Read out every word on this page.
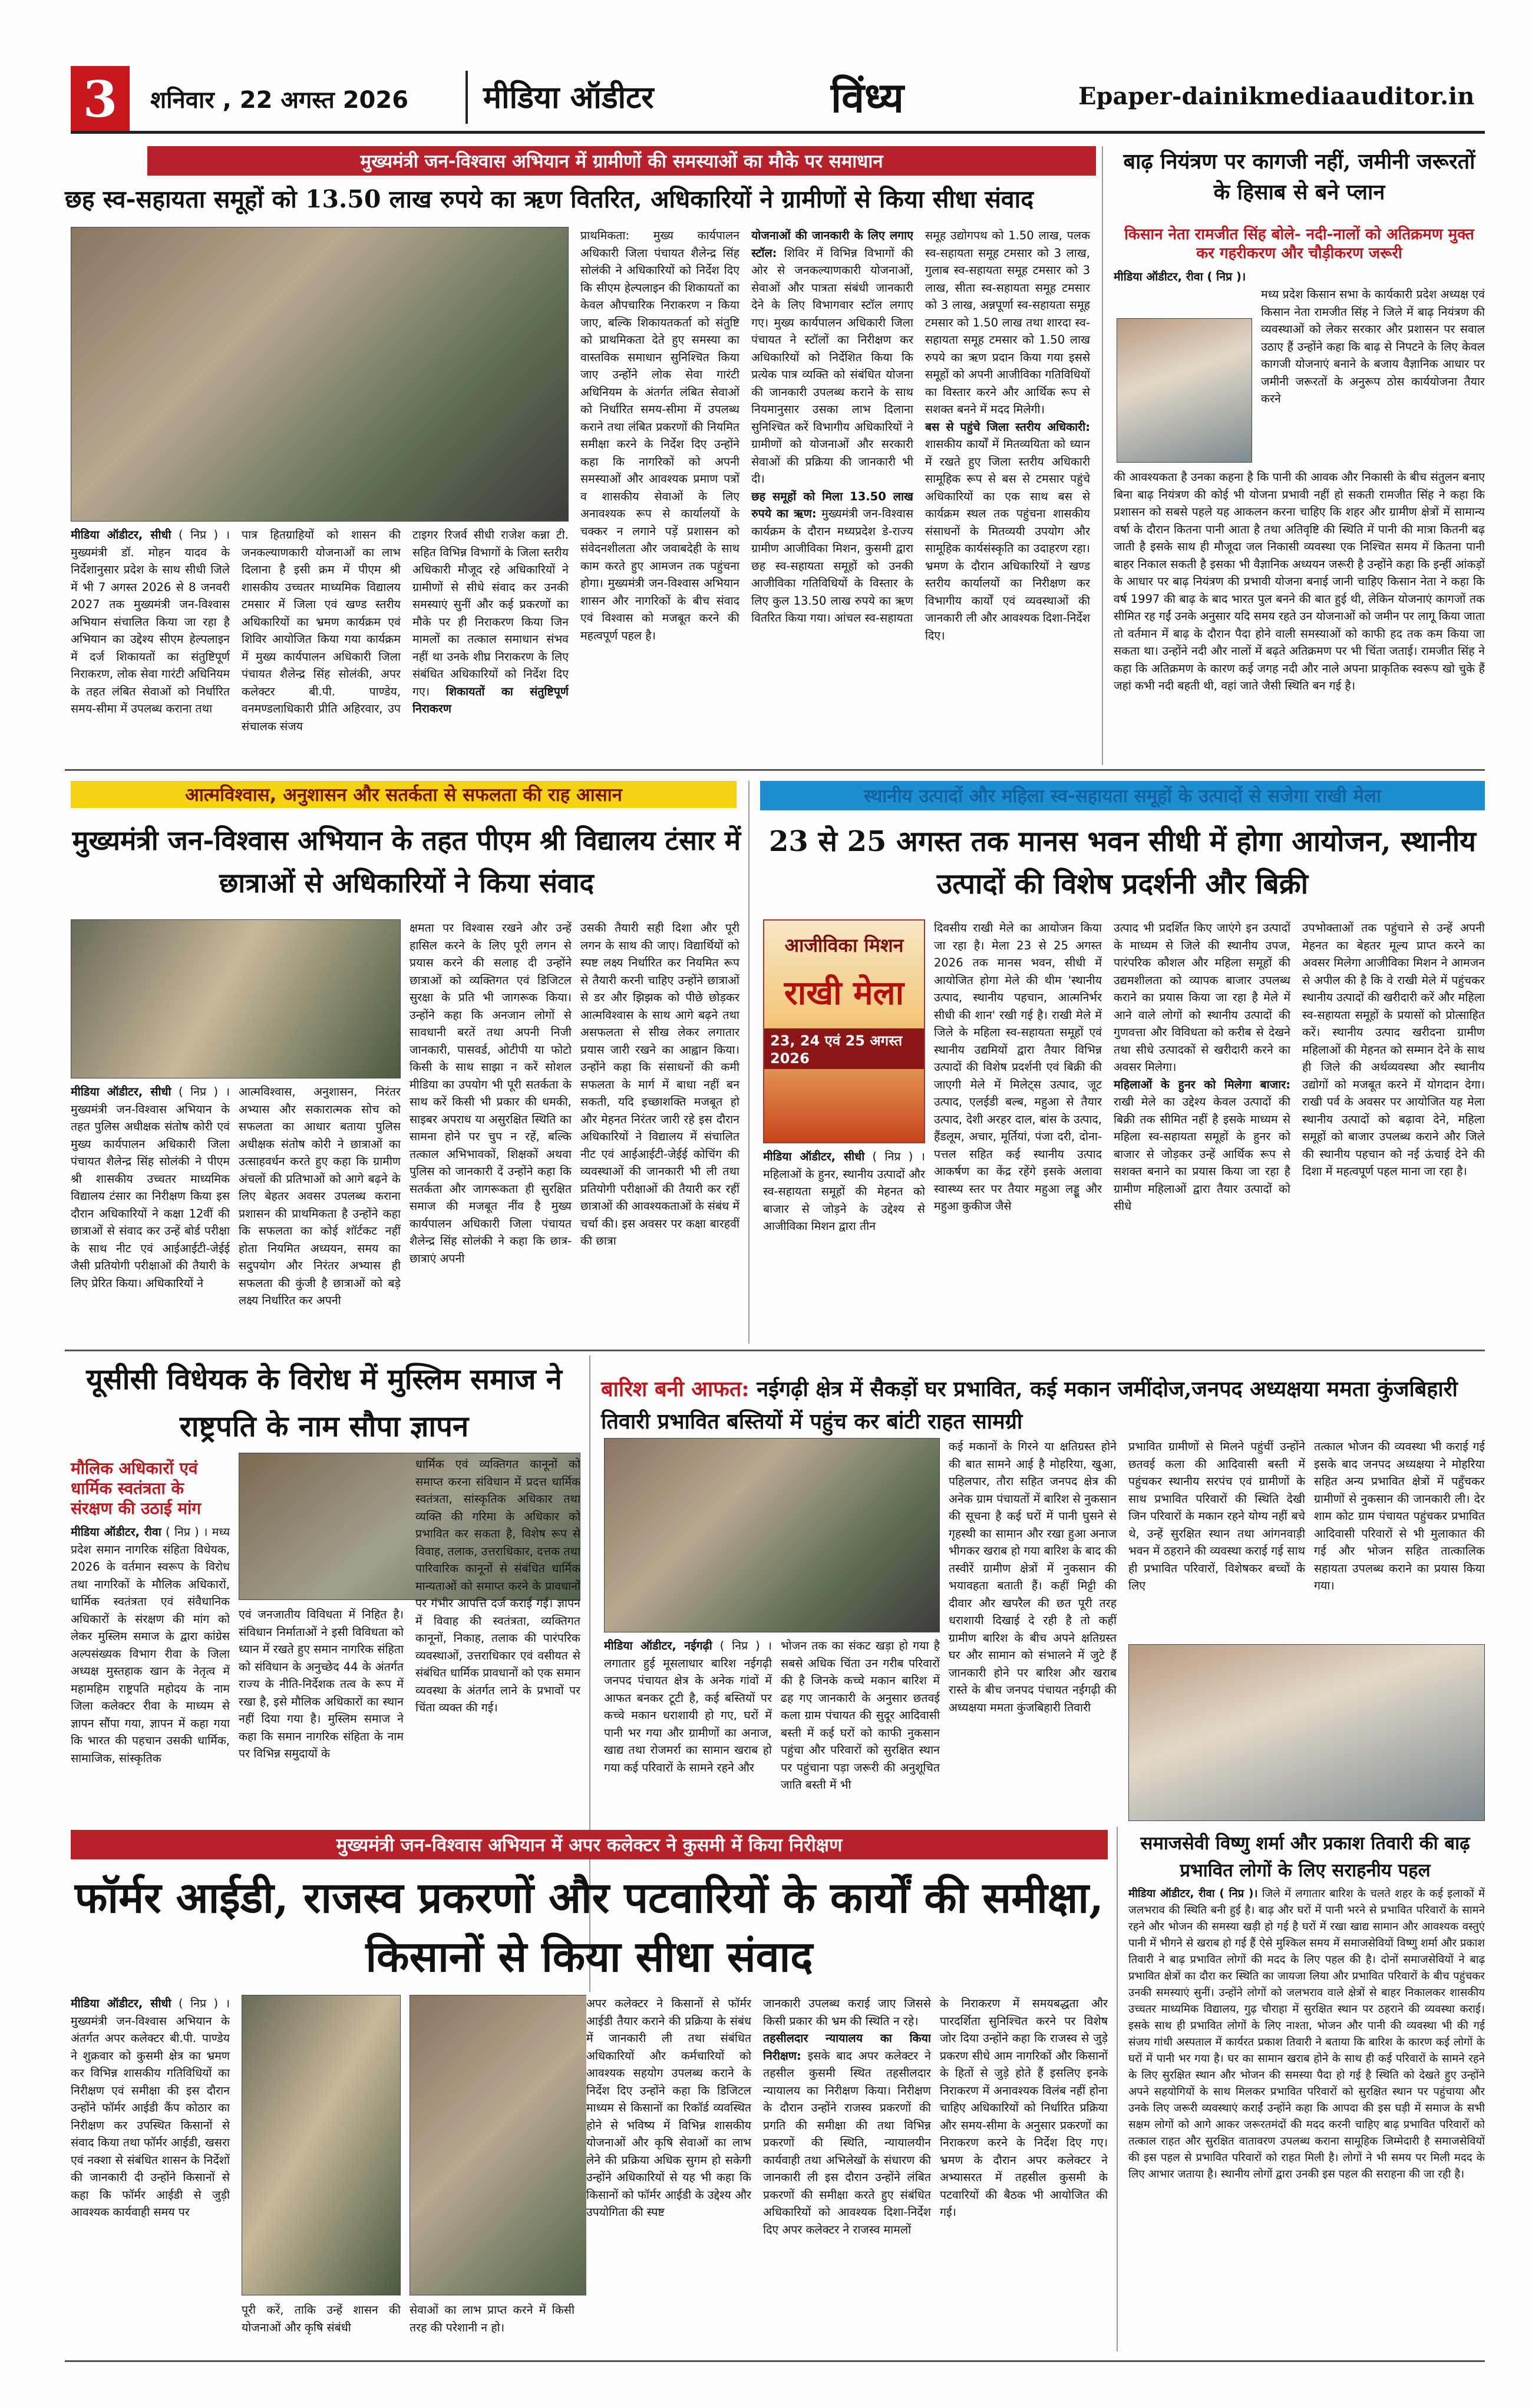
3	शनिवार , 22 अगस्त 2026 मीडिया ऑडीटर	विंध्य	Epaper-dainikmediaauditor.in
मुख्यमंत्री जन-विश्वास अभियान में ग्रामीणों की समस्याओं का मौके पर समाधान
छह स्व-सहायता समूहों को 13.50 लाख रुपये का ऋण वितरित, अधिकारियों ने ग्रामीणों से किया सीधा संवाद
मीडिया ऑडीटर, सीधी ( निप्र ) । मुख्यमंत्री डॉ. मोहन यादव के निर्देशानुसार प्रदेश के साथ सीधी जिले में भी 7 अगस्त 2026 से 8 जनवरी 2027 तक मुख्यमंत्री जन-विश्वास अभियान संचालित किया जा रहा है अभियान का उद्देश्य सीएम हेल्पलाइन में दर्ज शिकायतों का संतुष्टिपूर्ण निराकरण, लोक सेवा गारंटी अधिनियम के तहत लंबित सेवाओं को निर्धारित समय-सीमा में उपलब्ध कराना तथा
पात्र हितग्राहियों को शासन की जनकल्याणकारी योजनाओं का लाभ दिलाना है इसी क्रम में पीएम श्री शासकीय उच्चतर माध्यमिक विद्यालय टमसार में जिला एवं खण्ड स्तरीय अधिकारियों का भ्रमण कार्यक्रम एवं शिविर आयोजित किया गया कार्यक्रम में मुख्य कार्यपालन अधिकारी जिला पंचायत शैलेन्द्र सिंह सोलंकी, अपर कलेक्टर बी.पी. पाण्डेय, वनमण्डलाधिकारी प्रीति अहिरवार, उप संचालक संजय
टाइगर रिजर्व सीधी राजेश कन्ना टी. सहित विभिन्न विभागों के जिला स्तरीय अधिकारी मौजूद रहे अधिकारियों ने ग्रामीणों से सीधे संवाद कर उनकी समस्याएं सुनीं और कई प्रकरणों का मौके पर ही निराकरण किया जिन मामलों का तत्काल समाधान संभव नहीं था उनके शीघ्र निराकरण के लिए संबंधित अधिकारियों को निर्देश दिए गए। शिकायतों का संतुष्टिपूर्ण निराकरण
प्राथमिकता: मुख्य कार्यपालन अधिकारी जिला पंचायत शैलेन्द्र सिंह सोलंकी ने अधिकारियों को निर्देश दिए कि सीएम हेल्पलाइन की शिकायतों का केवल औपचारिक निराकरण न किया जाए, बल्कि शिकायतकर्ता को संतुष्टि को प्राथमिकता देते हुए समस्या का वास्तविक समाधान सुनिश्चित किया जाए उन्होंने लोक सेवा गारंटी अधिनियम के अंतर्गत लंबित सेवाओं को निर्धारित समय-सीमा में उपलब्ध कराने तथा लंबित प्रकरणों की नियमित समीक्षा करने के निर्देश दिए उन्होंने कहा कि नागरिकों को अपनी समस्याओं और आवश्यक प्रमाण पत्रों व शासकीय सेवाओं के लिए अनावश्यक रूप से कार्यालयों के चक्कर न लगाने पड़ें प्रशासन को संवेदनशीलता और जवाबदेही के साथ काम करते हुए आमजन तक पहुंचना होगा। मुख्यमंत्री जन-विश्वास अभियान शासन और नागरिकों के बीच संवाद एवं विश्वास को मजबूत करने की महत्वपूर्ण पहल है।
योजनाओं की जानकारी के लिए लगाए स्टॉल: शिविर में विभिन्न विभागों की ओर से जनकल्याणकारी योजनाओं, सेवाओं और पात्रता संबंधी जानकारी देने के लिए विभागवार स्टॉल लगाए गए। मुख्य कार्यपालन अधिकारी जिला पंचायत ने स्टॉलों का निरीक्षण कर अधिकारियों को निर्देशित किया कि प्रत्येक पात्र व्यक्ति को संबंधित योजना की जानकारी उपलब्ध कराने के साथ नियमानुसार उसका लाभ दिलाना सुनिश्चित करें विभागीय अधिकारियों ने ग्रामीणों को योजनाओं और सरकारी सेवाओं की प्रक्रिया की जानकारी भी दी।
छह समूहों को मिला 13.50 लाख रुपये का ऋण: मुख्यमंत्री जन-विश्वास कार्यक्रम के दौरान मध्यप्रदेश डे-राज्य ग्रामीण आजीविका मिशन, कुसमी द्वारा छह स्व-सहायता समूहों को उनकी आजीविका गतिविधियों के विस्तार के लिए कुल 13.50 लाख रुपये का ऋण वितरित किया गया। आंचल स्व-सहायता
समूह उद्योगपथ को 1.50 लाख, पलक स्व-सहायता समूह टमसार को 3 लाख, गुलाब स्व-सहायता समूह टमसार को 3 लाख, सीता स्व-सहायता समूह टमसार को 3 लाख, अन्नपूर्णा स्व-सहायता समूह टमसार को 1.50 लाख तथा शारदा स्व-सहायता समूह टमसार को 1.50 लाख रुपये का ऋण प्रदान किया गया इससे समूहों को अपनी आजीविका गतिविधियों का विस्तार करने और आर्थिक रूप से सशक्त बनने में मदद मिलेगी।
बस से पहुंचे जिला स्तरीय अधिकारी: शासकीय कार्यों में मितव्ययिता को ध्यान में रखते हुए जिला स्तरीय अधिकारी सामूहिक रूप से बस से टमसार पहुंचे अधिकारियों का एक साथ बस से कार्यक्रम स्थल तक पहुंचना शासकीय संसाधनों के मितव्ययी उपयोग और सामूहिक कार्यसंस्कृति का उदाहरण रहा। भ्रमण के दौरान अधिकारियों ने खण्ड स्तरीय कार्यालयों का निरीक्षण कर विभागीय कार्यों एवं व्यवस्थाओं की जानकारी ली और आवश्यक दिशा-निर्देश दिए।
बाढ़ नियंत्रण पर कागजी नहीं, जमीनी जरूरतों के हिसाब से बने प्लान
किसान नेता रामजीत सिंह बोले- नदी-नालों को अतिक्रमण मुक्त कर गहरीकरण और चौड़ीकरण जरूरी
मीडिया ऑडीटर, रीवा ( निप्र )।
मध्य प्रदेश किसान सभा के कार्यकारी प्रदेश अध्यक्ष एवं किसान नेता रामजीत सिंह ने जिले में बाढ़ नियंत्रण की व्यवस्थाओं को लेकर सरकार और प्रशासन पर सवाल उठाए हैं उन्होंने कहा कि बाढ़ से निपटने के लिए केवल कागजी योजनाएं बनाने के बजाय वैज्ञानिक आधार पर जमीनी जरूरतों के अनुरूप ठोस कार्ययोजना तैयार करने
की आवश्यकता है उनका कहना है कि पानी की आवक और निकासी के बीच संतुलन बनाए बिना बाढ़ नियंत्रण की कोई भी योजना प्रभावी नहीं हो सकती रामजीत सिंह ने कहा कि प्रशासन को सबसे पहले यह आकलन करना चाहिए कि शहर और ग्रामीण क्षेत्रों में सामान्य वर्षा के दौरान कितना पानी आता है तथा अतिवृष्टि की स्थिति में पानी की मात्रा कितनी बढ़ जाती है इसके साथ ही मौजूदा जल निकासी व्यवस्था एक निश्चित समय में कितना पानी बाहर निकाल सकती है इसका भी वैज्ञानिक अध्ययन जरूरी है उन्होंने कहा कि इन्हीं आंकड़ों के आधार पर बाढ़ नियंत्रण की प्रभावी योजना बनाई जानी चाहिए किसान नेता ने कहा कि वर्ष 1997 की बाढ़ के बाद भारत पुल बनने की बात हुई थी, लेकिन योजनाएं कागजों तक सीमित रह गईं उनके अनुसार यदि समय रहते उन योजनाओं को जमीन पर लागू किया जाता तो वर्तमान में बाढ़ के दौरान पैदा होने वाली समस्याओं को काफी हद तक कम किया जा सकता था। उन्होंने नदी और नालों में बढ़ते अतिक्रमण पर भी चिंता जताई। रामजीत सिंह ने कहा कि अतिक्रमण के कारण कई जगह नदी और नाले अपना प्राकृतिक स्वरूप खो चुके हैं जहां कभी नदी बहती थी, वहां जाते जैसी स्थिति बन गई है।
आत्मविश्वास, अनुशासन और सतर्कता से सफलता की राह आसान
मुख्यमंत्री जन-विश्वास अभियान के तहत पीएम श्री विद्यालय टंसार में छात्राओं से अधिकारियों ने किया संवाद
मीडिया ऑडीटर, सीधी ( निप्र ) । मुख्यमंत्री जन-विश्वास अभियान के तहत पुलिस अधीक्षक संतोष कोरी एवं मुख्य कार्यपालन अधिकारी जिला पंचायत शैलेन्द्र सिंह सोलंकी ने पीएम श्री शासकीय उच्चतर माध्यमिक विद्यालय टंसार का निरीक्षण किया इस दौरान अधिकारियों ने कक्षा 12वीं की छात्राओं से संवाद कर उन्हें बोर्ड परीक्षा के साथ नीट एवं आईआईटी-जेईई जैसी प्रतियोगी परीक्षाओं की तैयारी के लिए प्रेरित किया। अधिकारियों ने
आत्मविश्वास, अनुशासन, निरंतर अभ्यास और सकारात्मक सोच को सफलता का आधार बताया पुलिस अधीक्षक संतोष कोरी ने छात्राओं का उत्साहवर्धन करते हुए कहा कि ग्रामीण अंचलों की प्रतिभाओं को आगे बढ़ने के लिए बेहतर अवसर उपलब्ध कराना प्रशासन की प्राथमिकता है उन्होंने कहा कि सफलता का कोई शॉर्टकट नहीं होता नियमित अध्ययन, समय का सदुपयोग और निरंतर अभ्यास ही सफलता की कुंजी है छात्राओं को बड़े लक्ष्य निर्धारित कर अपनी
क्षमता पर विश्वास रखने और उन्हें हासिल करने के लिए पूरी लगन से प्रयास करने की सलाह दी उन्होंने छात्राओं को व्यक्तिगत एवं डिजिटल सुरक्षा के प्रति भी जागरूक किया। उन्होंने कहा कि अनजान लोगों से सावधानी बरतें तथा अपनी निजी जानकारी, पासवर्ड, ओटीपी या फोटो किसी के साथ साझा न करें सोशल मीडिया का उपयोग भी पूरी सतर्कता के साथ करें किसी भी प्रकार की धमकी, साइबर अपराध या असुरक्षित स्थिति का सामना होने पर चुप न रहें, बल्कि तत्काल अभिभावकों, शिक्षकों अथवा पुलिस को जानकारी दें उन्होंने कहा कि सतर्कता और जागरूकता ही सुरक्षित समाज की मजबूत नींव है मुख्य कार्यपालन अधिकारी जिला पंचायत शैलेन्द्र सिंह सोलंकी ने कहा कि छात्र-छात्राएं अपनी
उसकी तैयारी सही दिशा और पूरी लगन के साथ की जाए। विद्यार्थियों को स्पष्ट लक्ष्य निर्धारित कर नियमित रूप से तैयारी करनी चाहिए उन्होंने छात्राओं से डर और झिझक को पीछे छोड़कर आत्मविश्वास के साथ आगे बढ़ने तथा असफलता से सीख लेकर लगातार प्रयास जारी रखने का आह्वान किया। उन्होंने कहा कि संसाधनों की कमी सफलता के मार्ग में बाधा नहीं बन सकती, यदि इच्छाशक्ति मजबूत हो और मेहनत निरंतर जारी रहे इस दौरान अधिकारियों ने विद्यालय में संचालित नीट एवं आईआईटी-जेईई कोचिंग की व्यवस्थाओं की जानकारी भी ली तथा प्रतियोगी परीक्षाओं की तैयारी कर रहीं छात्राओं की आवश्यकताओं के संबंध में चर्चा की। इस अवसर पर कक्षा बारहवीं की छात्रा
स्थानीय उत्पादों और महिला स्व-सहायता समूहों के उत्पादों से सजेगा राखी मेला
23 से 25 अगस्त तक मानस भवन सीधी में होगा आयोजन, स्थानीय उत्पादों की विशेष प्रदर्शनी और बिक्री
आजीविका मिशन
राखी मेला
23, 24 एवं 25 अगस्त 2026
मीडिया ऑडीटर, सीधी ( निप्र ) । महिलाओं के हुनर, स्थानीय उत्पादों और स्व-सहायता समूहों की मेहनत को बाजार से जोड़ने के उद्देश्य से आजीविका मिशन द्वारा तीन
दिवसीय राखी मेले का आयोजन किया जा रहा है। मेला 23 से 25 अगस्त 2026 तक मानस भवन, सीधी में आयोजित होगा मेले की थीम 'स्थानीय उत्पाद, स्थानीय पहचान, आत्मनिर्भर सीधी की शान' रखी गई है। राखी मेले में जिले के महिला स्व-सहायता समूहों एवं स्थानीय उद्यमियों द्वारा तैयार विभिन्न उत्पादों की विशेष प्रदर्शनी एवं बिक्री की जाएगी मेले में मिलेट्स उत्पाद, जूट उत्पाद, एलईडी बल्ब, महुआ से तैयार उत्पाद, देशी अरहर दाल, बांस के उत्पाद, हैंडलूम, अचार, मूर्तियां, पंजा दरी, दोना-पत्तल सहित कई स्थानीय उत्पाद आकर्षण का केंद्र रहेंगे इसके अलावा स्वास्थ्य स्तर पर तैयार महुआ लड्डू और महुआ कुकीज जैसे
उत्पाद भी प्रदर्शित किए जाएंगे इन उत्पादों के माध्यम से जिले की स्थानीय उपज, पारंपरिक कौशल और महिला समूहों की उद्यमशीलता को व्यापक बाजार उपलब्ध कराने का प्रयास किया जा रहा है मेले में आने वाले लोगों को स्थानीय उत्पादों की गुणवत्ता और विविधता को करीब से देखने तथा सीधे उत्पादकों से खरीदारी करने का अवसर मिलेगा।
महिलाओं के हुनर को मिलेगा बाजार: राखी मेले का उद्देश्य केवल उत्पादों की बिक्री तक सीमित नहीं है इसके माध्यम से महिला स्व-सहायता समूहों के हुनर को बाजार से जोड़कर उन्हें आर्थिक रूप से सशक्त बनाने का प्रयास किया जा रहा है ग्रामीण महिलाओं द्वारा तैयार उत्पादों को सीधे
उपभोक्ताओं तक पहुंचाने से उन्हें अपनी मेहनत का बेहतर मूल्य प्राप्त करने का अवसर मिलेगा आजीविका मिशन ने आमजन से अपील की है कि वे राखी मेले में पहुंचकर स्थानीय उत्पादों की खरीदारी करें और महिला स्व-सहायता समूहों के प्रयासों को प्रोत्साहित करें। स्थानीय उत्पाद खरीदना ग्रामीण महिलाओं की मेहनत को सम्मान देने के साथ ही जिले की अर्थव्यवस्था और स्थानीय उद्योगों को मजबूत करने में योगदान देगा। राखी पर्व के अवसर पर आयोजित यह मेला स्थानीय उत्पादों को बढ़ावा देने, महिला समूहों को बाजार उपलब्ध कराने और जिले की स्थानीय पहचान को नई ऊंचाई देने की दिशा में महत्वपूर्ण पहल माना जा रहा है।
यूसीसी विधेयक के विरोध में मुस्लिम समाज ने राष्ट्रपति के नाम सौपा ज्ञापन
मौलिक अधिकारों एवं धार्मिक स्वतंत्रता के संरक्षण की उठाई मांग
मीडिया ऑडीटर, रीवा ( निप्र ) । मध्य प्रदेश समान नागरिक संहिता विधेयक, 2026 के वर्तमान स्वरूप के विरोध तथा नागरिकों के मौलिक अधिकारों, धार्मिक स्वतंत्रता एवं संवैधानिक अधिकारों के संरक्षण की मांग को लेकर मुस्लिम समाज के द्वारा कांग्रेस अल्पसंख्यक विभाग रीवा के जिला अध्यक्ष मुस्तहाक खान के नेतृत्व में महामहिम राष्ट्रपति महोदय के नाम जिला कलेक्टर रीवा के माध्यम से ज्ञापन सौंपा गया, ज्ञापन में कहा गया कि भारत की पहचान उसकी धार्मिक, सामाजिक, सांस्कृतिक
एवं जनजातीय विविधता में निहित है। संविधान निर्माताओं ने इसी विविधता को ध्यान में रखते हुए समान नागरिक संहिता को संविधान के अनुच्छेद 44 के अंतर्गत राज्य के नीति-निर्देशक तत्व के रूप में रखा है, इसे मौलिक अधिकारों का स्थान नहीं दिया गया है। मुस्लिम समाज ने कहा कि समान नागरिक संहिता के नाम पर विभिन्न समुदायों के
धार्मिक एवं व्यक्तिगत कानूनों को समाप्त करना संविधान में प्रदत्त धार्मिक स्वतंत्रता, सांस्कृतिक अधिकार तथा व्यक्ति की गरिमा के अधिकार को प्रभावित कर सकता है, विशेष रूप से विवाह, तलाक, उत्तराधिकार, दत्तक तथा पारिवारिक कानूनों से संबंधित धार्मिक मान्यताओं को समाप्त करने के प्रावधानों पर गंभीर आपत्ति दर्ज कराई गई। ज्ञापन में विवाह की स्वतंत्रता, व्यक्तिगत कानूनों, निकाह, तलाक की पारंपरिक व्यवस्थाओं, उत्तराधिकार एवं वसीयत से संबंधित धार्मिक प्रावधानों को एक समान व्यवस्था के अंतर्गत लाने के प्रभावों पर चिंता व्यक्त की गई।
बारिश बनी आफत: नईगढ़ी क्षेत्र में सैकड़ों घर प्रभावित, कई मकान जमींदोज,जनपद अध्यक्षया ममता कुंजबिहारी तिवारी प्रभावित बस्तियों में पहुंच कर बांटी राहत सामग्री
मीडिया ऑडीटर, नईगढ़ी ( निप्र ) । लगातार हुई मूसलाधार बारिश नईगढ़ी जनपद पंचायत क्षेत्र के अनेक गांवों में आफत बनकर टूटी है, कई बस्तियों पर कच्चे मकान धराशायी हो गए, घरों में पानी भर गया और ग्रामीणों का अनाज, खाद्य तथा रोजमर्रा का सामान खराब हो गया कई परिवारों के सामने रहने और
भोजन तक का संकट खड़ा हो गया है सबसे अधिक चिंता उन गरीब परिवारों की है जिनके कच्चे मकान बारिश में ढह गए जानकारी के अनुसार छतवई कला ग्राम पंचायत की सुदूर आदिवासी बस्ती में कई घरों को काफी नुकसान पहुंचा और परिवारों को सुरक्षित स्थान पर पहुंचाना पड़ा जरूरी की अनुशूचित जाति बस्ती में भी
कई मकानों के गिरने या क्षतिग्रस्त होने की बात सामने आई है मोहरिया, खुआ, पहिलपार, तौरा सहित जनपद क्षेत्र की अनेक ग्राम पंचायतों में बारिश से नुकसान की सूचना है कई घरों में पानी घुसने से गृहस्थी का सामान और रखा हुआ अनाज भीगकर खराब हो गया बारिश के बाद की तस्वीरें ग्रामीण क्षेत्रों में नुकसान की भयावहता बताती हैं। कहीं मिट्टी की दीवार और खपरैल की छत पूरी तरह धराशायी दिखाई दे रही है तो कहीं ग्रामीण बारिश के बीच अपने क्षतिग्रस्त घर और सामान को संभालने में जुटे हैं जानकारी होने पर बारिश और खराब रास्ते के बीच जनपद पंचायत नईगढ़ी की अध्यक्षया ममता कुंजबिहारी तिवारी
प्रभावित ग्रामीणों से मिलने पहुंचीं उन्होंने छतवई कला की आदिवासी बस्ती में पहुंचकर स्थानीय सरपंच एवं ग्रामीणों के साथ प्रभावित परिवारों की स्थिति देखी जिन परिवारों के मकान रहने योग्य नहीं बचे थे, उन्हें सुरक्षित स्थान तथा आंगनवाड़ी भवन में ठहराने की व्यवस्था कराई गई साथ ही प्रभावित परिवारों, विशेषकर बच्चों के लिए
तत्काल भोजन की व्यवस्था भी कराई गई इसके बाद जनपद अध्यक्षया ने मोहरिया सहित अन्य प्रभावित क्षेत्रों में पहुँचकर ग्रामीणों से नुकसान की जानकारी ली। देर शाम कोट ग्राम पंचायत पहुंचकर प्रभावित आदिवासी परिवारों से भी मुलाकात की गई और भोजन सहित तात्कालिक सहायता उपलब्ध कराने का प्रयास किया गया।
मुख्यमंत्री जन-विश्वास अभियान में अपर कलेक्टर ने कुसमी में किया निरीक्षण
फॉर्मर आईडी, राजस्व प्रकरणों और पटवारियों के कार्यों की समीक्षा, किसानों से किया सीधा संवाद
मीडिया ऑडीटर, सीधी ( निप्र ) । मुख्यमंत्री जन-विश्वास अभियान के अंतर्गत अपर कलेक्टर बी.पी. पाण्डेय ने शुक्रवार को कुसमी क्षेत्र का भ्रमण कर विभिन्न शासकीय गतिविधियों का निरीक्षण एवं समीक्षा की इस दौरान उन्होंने फॉर्मर आईडी कैंप कोठार का निरीक्षण कर उपस्थित किसानों से संवाद किया तथा फॉर्मर आईडी, खसरा एवं नक्शा से संबंधित शासन के निर्देशों की जानकारी दी उन्होंने किसानों से कहा कि फॉर्मर आईडी से जुड़ी आवश्यक कार्यवाही समय पर
पूरी करें, ताकि उन्हें शासन की योजनाओं और कृषि संबंधी
सेवाओं का लाभ प्राप्त करने में किसी तरह की परेशानी न हो।
अपर कलेक्टर ने किसानों से फॉर्मर आईडी तैयार कराने की प्रक्रिया के संबंध में जानकारी ली तथा संबंधित अधिकारियों और कर्मचारियों को आवश्यक सहयोग उपलब्ध कराने के निर्देश दिए उन्होंने कहा कि डिजिटल माध्यम से किसानों का रिकॉर्ड व्यवस्थित होने से भविष्य में विभिन्न शासकीय योजनाओं और कृषि सेवाओं का लाभ लेने की प्रक्रिया अधिक सुगम हो सकेगी उन्होंने अधिकारियों से यह भी कहा कि किसानों को फॉर्मर आईडी के उद्देश्य और उपयोगिता की स्पष्ट
जानकारी उपलब्ध कराई जाए जिससे किसी प्रकार की भ्रम की स्थिति न रहे।
तहसीलदार न्यायालय का किया निरीक्षण: इसके बाद अपर कलेक्टर ने तहसील कुसमी स्थित तहसीलदार न्यायालय का निरीक्षण किया। निरीक्षण के दौरान उन्होंने राजस्व प्रकरणों की प्रगति की समीक्षा की तथा विभिन्न प्रकरणों की स्थिति, न्यायालयीन कार्यवाही तथा अभिलेखों के संधारण की जानकारी ली इस दौरान उन्होंने लंबित प्रकरणों की समीक्षा करते हुए संबंधित अधिकारियों को आवश्यक दिशा-निर्देश दिए अपर कलेक्टर ने राजस्व मामलों
के निराकरण में समयबद्धता और पारदर्शिता सुनिश्चित करने पर विशेष जोर दिया उन्होंने कहा कि राजस्व से जुड़े प्रकरण सीधे आम नागरिकों और किसानों के हितों से जुड़े होते हैं इसलिए इनके निराकरण में अनावश्यक विलंब नहीं होना चाहिए अधिकारियों को निर्धारित प्रक्रिया और समय-सीमा के अनुसार प्रकरणों का निराकरण करने के निर्देश दिए गए। भ्रमण के दौरान अपर कलेक्टर ने अभ्यासरत में तहसील कुसमी के पटवारियों की बैठक भी आयोजित की गई।
समाजसेवी विष्णु शर्मा और प्रकाश तिवारी की बाढ़ प्रभावित लोगों के लिए सराहनीय पहल
मीडिया ऑडीटर, रीवा ( निप्र )। जिले में लगातार बारिश के चलते शहर के कई इलाकों में जलभराव की स्थिति बनी हुई है। बाढ़ और घरों में पानी भरने से प्रभावित परिवारों के सामने रहने और भोजन की समस्या खड़ी हो गई है घरों में रखा खाद्य सामान और आवश्यक वस्तुएं पानी में भीगने से खराब हो गई हैं ऐसे मुश्किल समय में समाजसेवियों विष्णु शर्मा और प्रकाश तिवारी ने बाढ़ प्रभावित लोगों की मदद के लिए पहल की है। दोनों समाजसेवियों ने बाढ़ प्रभावित क्षेत्रों का दौरा कर स्थिति का जायजा लिया और प्रभावित परिवारों के बीच पहुंचकर उनकी समस्याएं सुनीं। उन्होंने लोगों को जलभराव वाले क्षेत्रों से बाहर निकालकर शासकीय उच्चतर माध्यमिक विद्यालय, गुढ़ चौराहा में सुरक्षित स्थान पर ठहराने की व्यवस्था कराई। इसके साथ ही प्रभावित लोगों के लिए नाश्ता, भोजन और पानी की व्यवस्था भी की गई संजय गांधी अस्पताल में कार्यरत प्रकाश तिवारी ने बताया कि बारिश के कारण कई लोगों के घरों में पानी भर गया है। घर का सामान खराब होने के साथ ही कई परिवारों के सामने रहने के लिए सुरक्षित स्थान और भोजन की समस्या पैदा हो गई है स्थिति को देखते हुए उन्होंने अपने सहयोगियों के साथ मिलकर प्रभावित परिवारों को सुरक्षित स्थान पर पहुंचाया और उनके लिए जरूरी व्यवस्थाएं कराईं उन्होंने कहा कि आपदा की इस घड़ी में समाज के सभी सक्षम लोगों को आगे आकर जरूरतमंदों की मदद करनी चाहिए बाढ़ प्रभावित परिवारों को तत्काल राहत और सुरक्षित वातावरण उपलब्ध कराना सामूहिक जिम्मेदारी है समाजसेवियों की इस पहल से प्रभावित परिवारों को राहत मिली है। लोगों ने भी समय पर मिली मदद के लिए आभार जताया है। स्थानीय लोगों द्वारा उनकी इस पहल की सराहना की जा रही है।
